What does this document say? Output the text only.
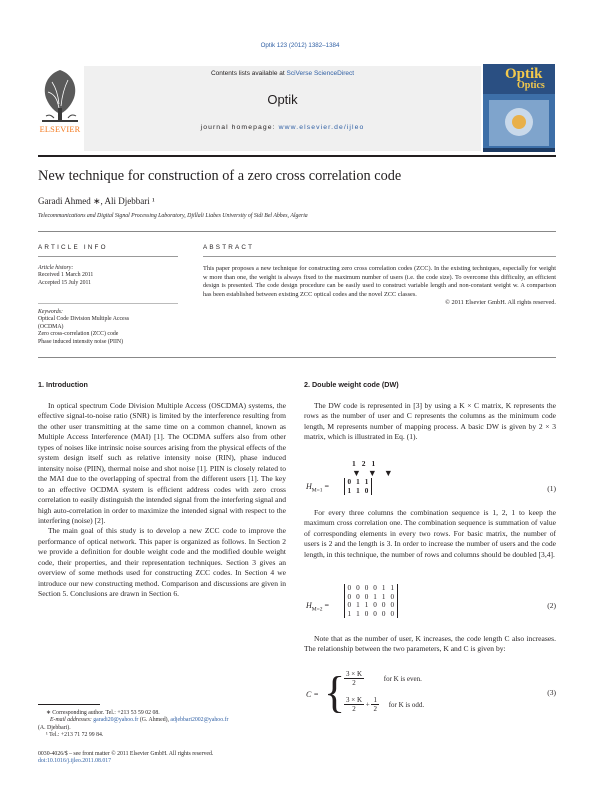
Optik 123 (2012) 1382–1384
ELSEVIER
Contents lists available at SciVerse ScienceDirect
Optik
journal homepage: www.elsevier.de/ijleo
Optik
Optics
New technique for construction of a zero cross correlation code
Garadi Ahmed ∗, Ali Djebbari ¹
Telecommunications and Digital Signal Processing Laboratory, Djillali Liabes University of Sidi Bel Abbes, Algeria
ARTICLE INFO
Article history:
Received 1 March 2011
Accepted 15 July 2011
Keywords:
Optical Code Division Multiple Access
(OCDMA)
Zero cross-correlation (ZCC) code
Phase induced intensity noise (PIIN)
ABSTRACT
This paper proposes a new technique for constructing zero cross correlation codes (ZCC). In the existing techniques, especially for weight w more than one, the weight is always fixed to the maximum number of users (i.e. the code size). To overcome this difficulty, an efficient design is presented. The code design procedure can be easily used to construct variable length and non-constant weight w. A comparison has been established between existing ZCC optical codes and the novel ZCC classes.
© 2011 Elsevier GmbH. All rights reserved.
1. Introduction

In optical spectrum Code Division Multiple Access (OSCDMA) systems, the effective signal-to-noise ratio (SNR) is limited by the interference resulting from the other user transmitting at the same time on a common channel, known as Multiple Access Interference (MAI) [1]. The OCDMA suffers also from other types of noises like intrinsic noise sources arising from the physical effects of the system design itself such as relative intensity noise (RIN), phase induced intensity noise (PIIN), thermal noise and shot noise [1]. PIIN is closely related to the MAI due to the overlapping of spectral from the different users [1]. The key to an effective OCDMA system is efficient address codes with zero cross correlation to easily distinguish the intended signal from the interfering signal and high auto-correlation in order to maximize the intended signal with respect to the interfering (noise) [2].

The main goal of this study is to develop a new ZCC code to improve the performance of optical network. This paper is organized as follows. In Section 2 we provide a definition for double weight code and the modified double weight code, their properties, and their representation techniques. Section 3 gives an overview of some methods used for constructing ZCC codes. In Section 4 we introduce our new constructing method. Comparison and discussions are given in Section 5. Conclusions are drawn in Section 6.

∗ Corresponding author. Tel.: +213 53 59 02 08.
E-mail addresses: garadi20@yahoo.fr (G. Ahmed), adjebbari2002@yahoo.fr
(A. Djebbari).
¹ Tel.: +213 71 72 99 84.
0030-4026/$ – see front matter © 2011 Elsevier GmbH. All rights reserved.
doi:10.1016/j.ijleo.2011.08.017
2. Double weight code (DW)

The DW code is represented in [3] by using a K × C matrix, K represents the rows as the number of user and C represents the columns as the minimum code length, M represents number of mapping process. A basic DW is given by 2 × 3 matrix, which is illustrated in Eq. (1).

121
▼▼▼
$H_{M=1}$ =	0	1	1
1	1	0	(1)

For every three columns the combination sequence is 1, 2, 1 to keep the maximum cross correlation one. The combination sequence is summation of value of corresponding elements in every two rows. For basic matrix, the number of users is 2 and the length is 3. In order to increase the number of users and the code length, in this technique, the number of rows and columns should be doubled [3,4].

$H_{M=2}$ =
0	0	0	0	1	1
0	0	0	1	1	0
0	1	1	0	0	0
1	1	0	0	0	0
(2)

Note that as the number of user, K increases, the code length C also increases. The relationship between the two parameters, K and C is given by:

C = {
$\frac{3 \times K}{2}$	for K is even.
$\frac{3 \times K}{2} + \frac{1}{2}$ for K is odd.
(3)
